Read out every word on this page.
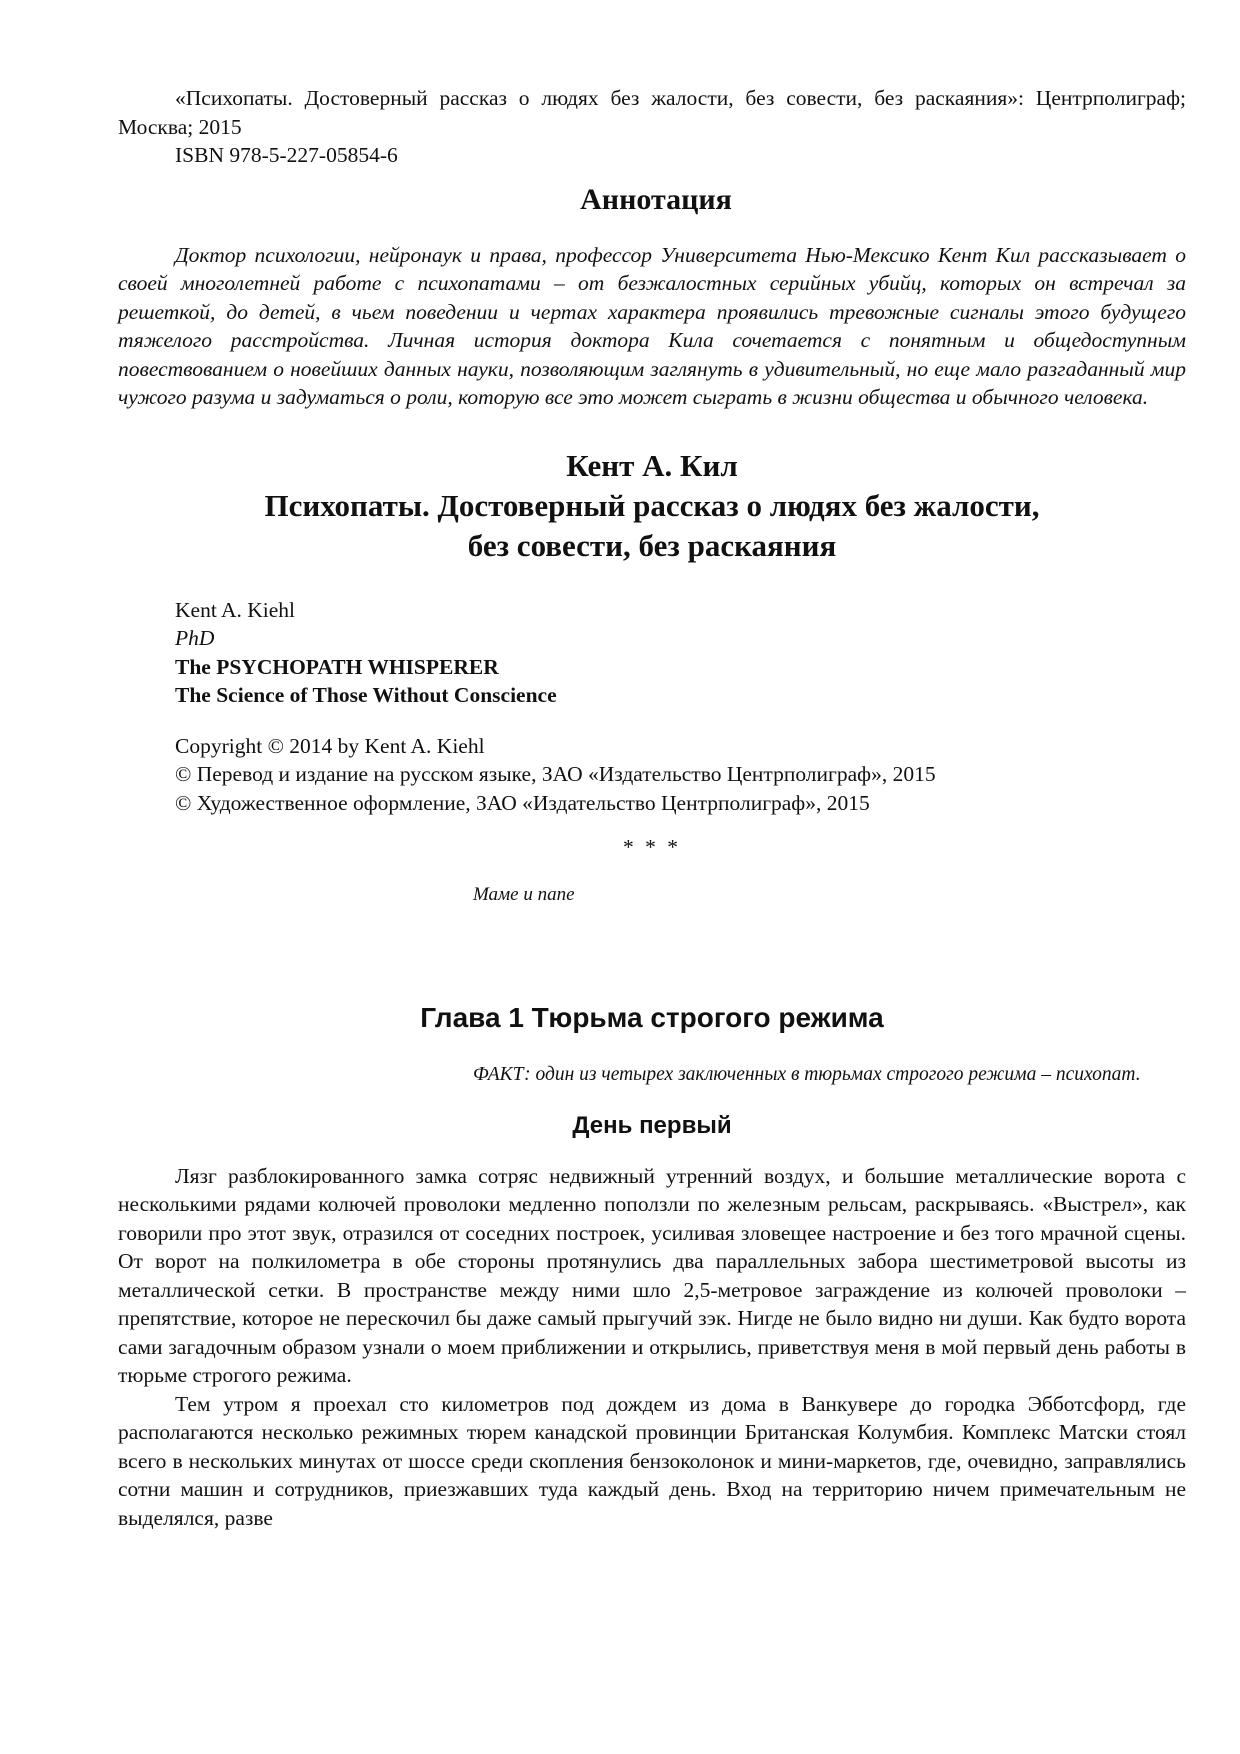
«Психопаты. Достоверный рассказ о людях без жалости, без совести, без раскаяния»: Центрполиграф; Москва; 2015

ISBN 978-5-227-05854-6

Аннотация

Доктор психологии, нейронаук и права, профессор Университета Нью-Мексико Кент Кил рассказывает о своей многолетней работе с психопатами – от безжалостных серийных убийц, которых он встречал за решеткой, до детей, в чьем поведении и чертах характера проявились тревожные сигналы этого будущего тяжелого расстройства. Личная история доктора Кила сочетается с понятным и общедоступным повествованием о новейших данных науки, позволяющим заглянуть в удивительный, но еще мало разгаданный мир чужого разума и задуматься о роли, которую все это может сыграть в жизни общества и обычного человека.

Кент А. Кил
Психопаты. Достоверный рассказ о людях без жалости,
без совести, без раскаяния

Kent A. Kiehl

PhD

The PSYCHOPATH WHISPERER

The Science of Those Without Conscience

Copyright © 2014 by Kent A. Kiehl

© Перевод и издание на русском языке, ЗАО «Издательство Центрполиграф», 2015

© Художественное оформление, ЗАО «Издательство Центрполиграф», 2015

* * *
Маме и папе
Глава 1 Тюрьма строгого режима

ФАКТ: один из четырех заключенных в тюрьмах строгого режима – психопат.

День первый

Лязг разблокированного замка сотряс недвижный утренний воздух, и большие металлические ворота с несколькими рядами колючей проволоки медленно поползли по железным рельсам, раскрываясь. «Выстрел», как говорили про этот звук, отразился от соседних построек, усиливая зловещее настроение и без того мрачной сцены. От ворот на полкилометра в обе стороны протянулись два параллельных забора шестиметровой высоты из металлической сетки. В пространстве между ними шло 2,5-метровое заграждение из колючей проволоки – препятствие, которое не перескочил бы даже самый прыгучий зэк. Нигде не было видно ни души. Как будто ворота сами загадочным образом узнали о моем приближении и открылись, приветствуя меня в мой первый день работы в тюрьме строгого режима.

Тем утром я проехал сто километров под дождем из дома в Ванкувере до городка Эбботсфорд, где располагаются несколько режимных тюрем канадской провинции Британская Колумбия. Комплекс Матски стоял всего в нескольких минутах от шоссе среди скопления бензоколонок и мини-маркетов, где, очевидно, заправлялись сотни машин и сотрудников, приезжавших туда каждый день. Вход на территорию ничем примечательным не выделялся, разве
